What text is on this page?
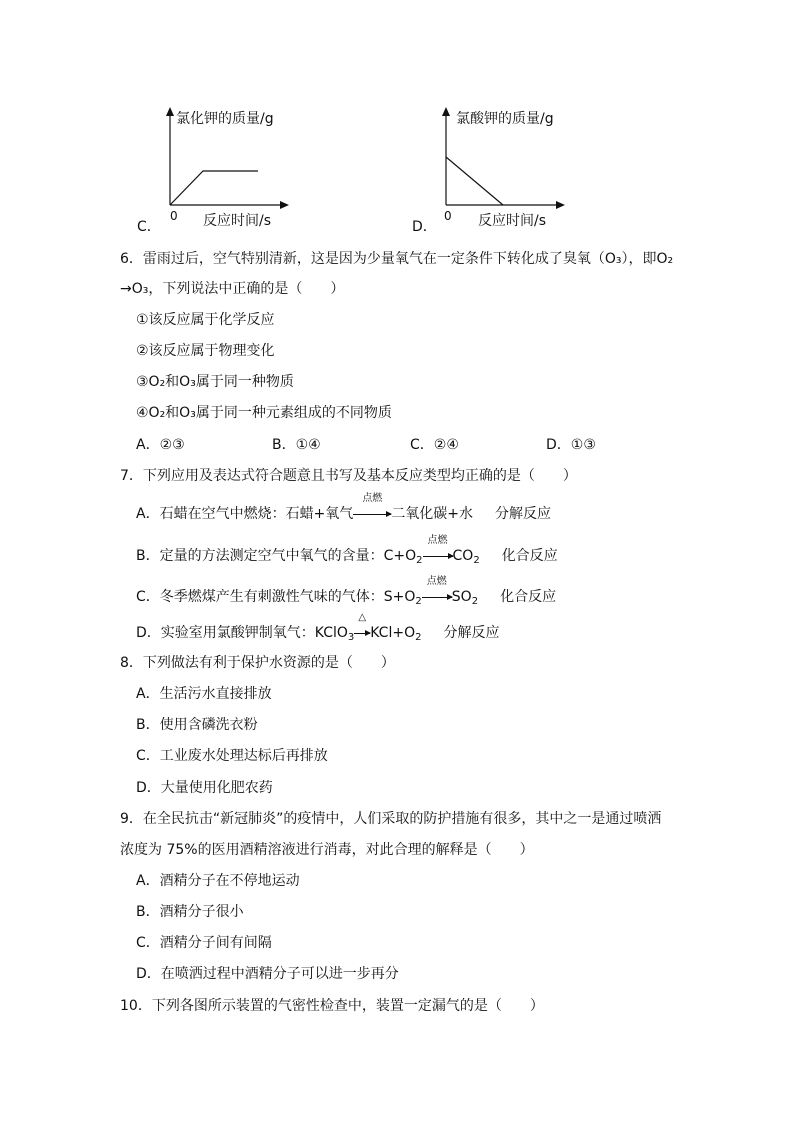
C．
氯化钾的质量/g
0 反应时间/s	D．
氯酸钾的质量/g
0 反应时间/s
6．雷雨过后，空气特别清新，这是因为少量氧气在一定条件下转化成了臭氧（O₃），即O₂
→O₃，下列说法中正确的是（　　）
①该反应属于化学反应
②该反应属于物理变化
③O₂和O₃属于同一种物质
④O₂和O₃属于同一种元素组成的不同物质
A．②③	B．①④	C．②④	D．①③
7．下列应用及表达式符合题意且书写及基本反应类型均正确的是（　　）
A．石蜡在空气中燃烧：石蜡+氧气
点燃
二氧化碳+水 分解反应
B．定量的方法测定空气中氧气的含量：$C+O_2$
点燃
$CO_2$ 化合反应
C．冬季燃煤产生有刺激性气味的气体：$S+O_2$
点燃
$SO_2$ 化合反应
D．实验室用氯酸钾制氧气：KClO$_3$
△
$KCl+O_2$ 分解反应
8．下列做法有利于保护水资源的是（　　）
A．生活污水直接排放
B．使用含磷洗衣粉
C．工业废水处理达标后再排放
D．大量使用化肥农药
9．在全民抗击“新冠肺炎”的疫情中，人们采取的防护措施有很多，其中之一是通过喷洒
浓度为 75%的医用酒精溶液进行消毒，对此合理的解释是（　　）
A．酒精分子在不停地运动
B．酒精分子很小
C．酒精分子间有间隔
D．在喷洒过程中酒精分子可以进一步再分
10．下列各图所示装置的气密性检查中，装置一定漏气的是（　　）
